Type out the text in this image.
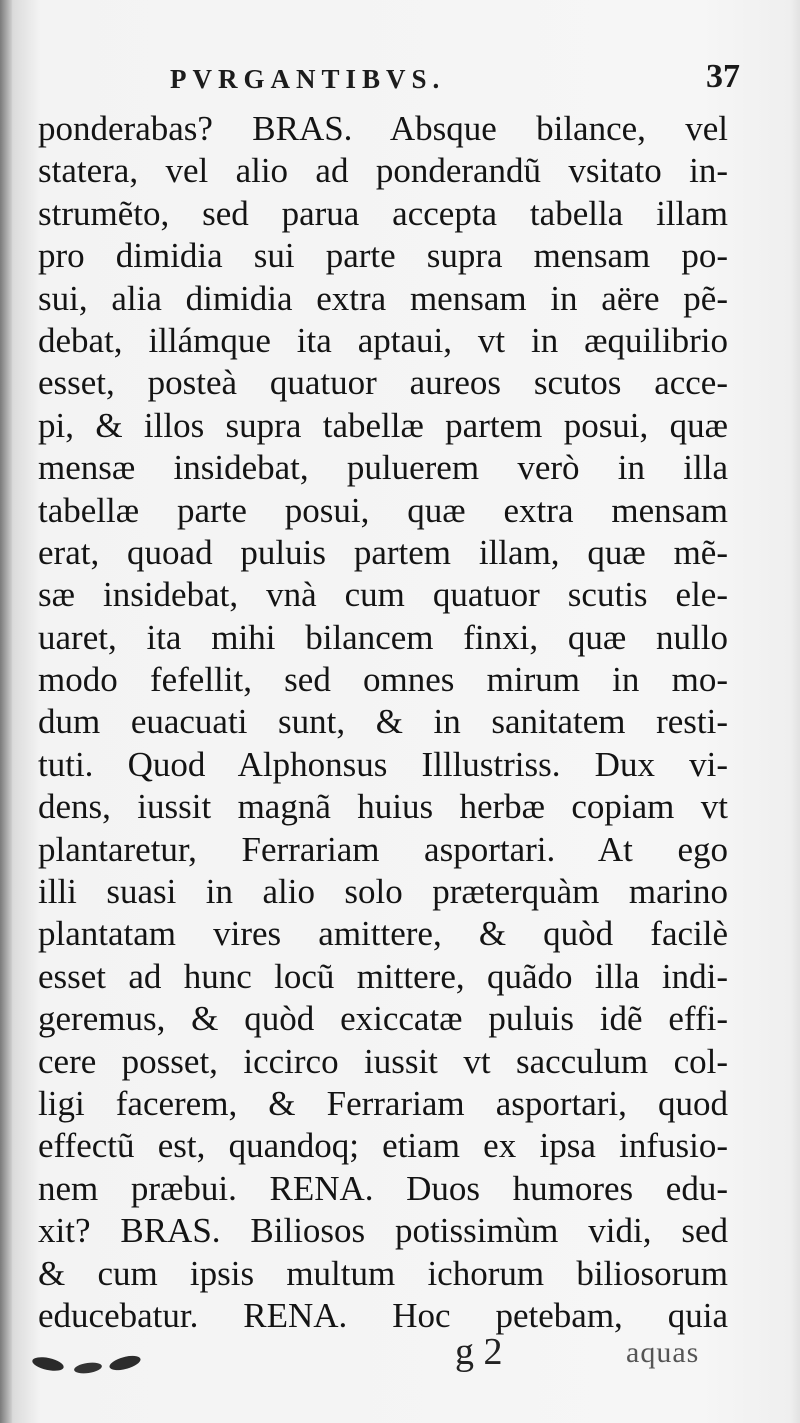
PVRGANTIBVS.	37
ponderabas? BRAS. Absque bilance, vel
statera, vel alio ad ponderandũ vsitato in-
strumẽto, sed parua accepta tabella illam
pro dimidia sui parte supra mensam po-
sui, alia dimidia extra mensam in aëre pẽ-
debat, illámque ita aptaui, vt in æquilibrio
esset, posteà quatuor aureos scutos acce-
pi, & illos supra tabellæ partem posui, quæ
mensæ insidebat, puluerem verò in illa
tabellæ parte posui, quæ extra mensam
erat, quoad puluis partem illam, quæ mẽ-
sæ insidebat, vnà cum quatuor scutis ele-
uaret, ita mihi bilancem finxi, quæ nullo
modo fefellit, sed omnes mirum in mo-
dum euacuati sunt, & in sanitatem resti-
tuti. Quod Alphonsus Illlustriss. Dux vi-
dens, iussit magnã huius herbæ copiam vt
plantaretur, Ferrariam asportari. At ego
illi suasi in alio solo præterquàm marino
plantatam vires amittere, & quòd facilè
esset ad hunc locũ mittere, quãdo illa indi-
geremus, & quòd exiccatæ puluis idẽ effi-
cere posset, iccirco iussit vt sacculum col-
ligi facerem, & Ferrariam asportari, quod
effectũ est, quandoq; etiam ex ipsa infusio-
nem præbui. RENA. Duos humores edu-
xit? BRAS. Biliosos potissimùm vidi, sed
& cum ipsis multum ichorum biliosorum
educebatur. RENA. Hoc petebam, quia
g 2	aquas
